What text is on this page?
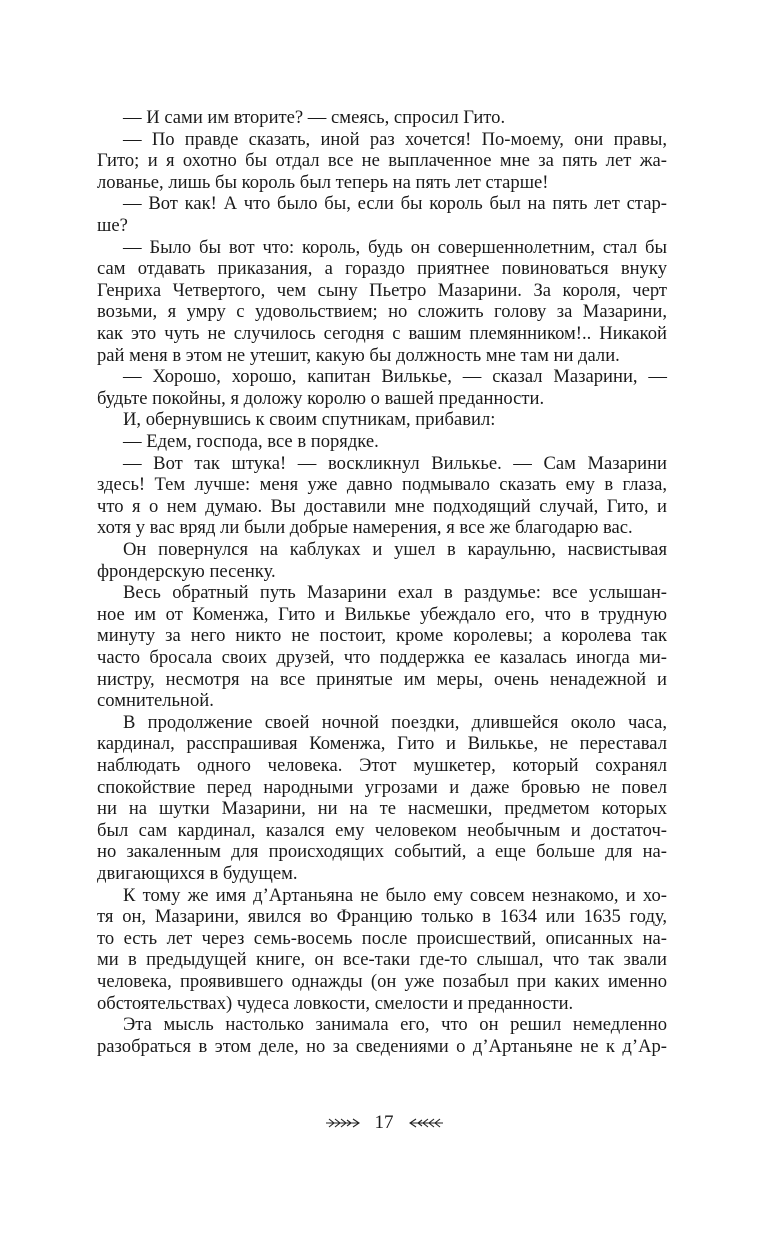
— И сами им вторите? — смеясь, спросил Гито.
— По правде сказать, иной раз хочется! По-моему, они правы,
Гито; и я охотно бы отдал все не выплаченное мне за пять лет жа-
лованье, лишь бы король был теперь на пять лет старше!
— Вот как! А что было бы, если бы король был на пять лет стар-
ше?
— Было бы вот что: король, будь он совершеннолетним, стал бы
сам отдавать приказания, а гораздо приятнее повиноваться внуку
Генриха Четвертого, чем сыну Пьетро Мазарини. За короля, черт
возьми, я умру с удовольствием; но сложить голову за Мазарини,
как это чуть не случилось сегодня с вашим племянником!.. Никакой
рай меня в этом не утешит, какую бы должность мне там ни дали.
— Хорошо, хорошо, капитан Вилькье, — сказал Мазарини, —
будьте покойны, я доложу королю о вашей преданности.
И, обернувшись к своим спутникам, прибавил:
— Едем, господа, все в порядке.
— Вот так штука! — воскликнул Вилькье. — Сам Мазарини
здесь! Тем лучше: меня уже давно подмывало сказать ему в глаза,
что я о нем думаю. Вы доставили мне подходящий случай, Гито, и
хотя у вас вряд ли были добрые намерения, я все же благодарю вас.
Он повернулся на каблуках и ушел в караульню, насвистывая
фрондерскую песенку.
Весь обратный путь Мазарини ехал в раздумье: все услышан-
ное им от Коменжа, Гито и Вилькье убеждало его, что в трудную
минуту за него никто не постоит, кроме королевы; а королева так
часто бросала своих друзей, что поддержка ее казалась иногда ми-
нистру, несмотря на все принятые им меры, очень ненадежной и
сомнительной.
В продолжение своей ночной поездки, длившейся около часа,
кардинал, расспрашивая Коменжа, Гито и Вилькье, не переставал
наблюдать одного человека. Этот мушкетер, который сохранял
спокойствие перед народными угрозами и даже бровью не повел
ни на шутки Мазарини, ни на те насмешки, предметом которых
был сам кардинал, казался ему человеком необычным и достаточ-
но закаленным для происходящих событий, а еще больше для на-
двигающихся в будущем.
К тому же имя д’Артаньяна не было ему совсем незнакомо, и хо-
тя он, Мазарини, явился во Францию только в 1634 или 1635 году,
то есть лет через семь-восемь после происшествий, описанных на-
ми в предыдущей книге, он все-таки где-то слышал, что так звали
человека, проявившего однажды (он уже позабыл при каких именно
обстоятельствах) чудеса ловкости, смелости и преданности.
Эта мысль настолько занимала его, что он решил немедленно
разобраться в этом деле, но за сведениями о д’Артаньяне не к д’Ар-
17
